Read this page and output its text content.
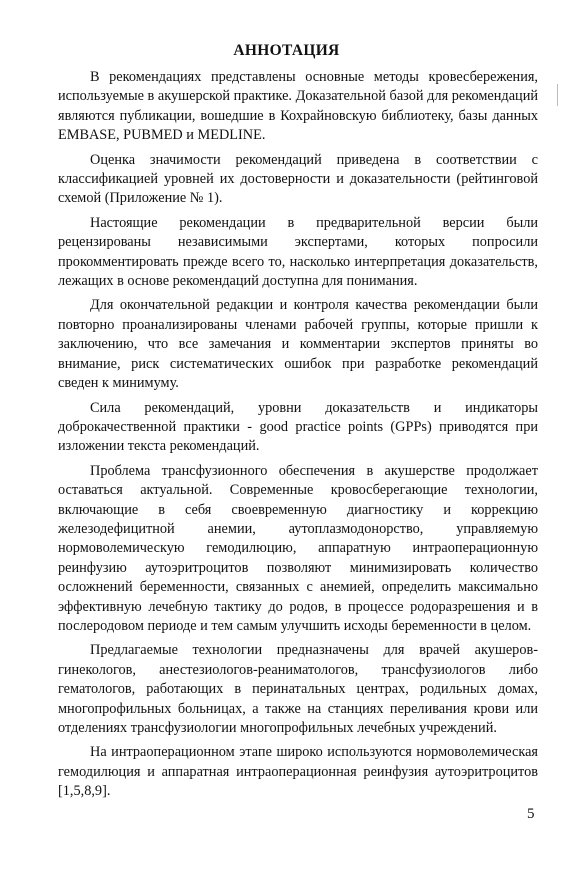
АННОТАЦИЯ

В рекомендациях представлены основные методы кровесбережения, используемые в акушерской практике. Доказательной базой для рекомендаций являются публикации, вошедшие в Кохрайновскую библиотеку, базы данных EMBASE, PUBMED и MEDLINE.

Оценка значимости рекомендаций приведена в соответствии с классификацией уровней их достоверности и доказательности (рейтинговой схемой (Приложение № 1).

Настоящие рекомендации в предварительной версии были рецензированы независимыми экспертами, которых попросили прокомментировать прежде всего то, насколько интерпретация доказательств, лежащих в основе рекомендаций доступна для понимания.

Для окончательной редакции и контроля качества рекомендации были повторно проанализированы членами рабочей группы, которые пришли к заключению, что все замечания и комментарии экспертов приняты во внимание, риск систематических ошибок при разработке рекомендаций сведен к минимуму.

Сила рекомендаций, уровни доказательств и индикаторы доброкачественной практики - good practice points (GPPs) приводятся при изложении текста рекомендаций.

Проблема трансфузионного обеспечения в акушерстве продолжает оставаться актуальной. Современные кровосберегающие технологии, включающие в себя своевременную диагностику и коррекцию железодефицитной анемии, аутоплазмодонорство, управляемую нормоволемическую гемодилюцию, аппаратную интраоперационную реинфузию аутоэритроцитов позволяют минимизировать количество осложнений беременности, связанных с анемией, определить максимально эффективную лечебную тактику до родов, в процессе родоразрешения и в послеродовом периоде и тем самым улучшить исходы беременности в целом.

Предлагаемые технологии предназначены для врачей акушеров-гинекологов, анестезиологов-реаниматологов, трансфузиологов либо гематологов, работающих в перинатальных центрах, родильных домах, многопрофильных больницах, а также на станциях переливания крови или отделениях трансфузиологии многопрофильных лечебных учреждений.

На интраоперационном этапе широко используются нормоволемическая гемодилюция и аппаратная интраоперационная реинфузия аутоэритроцитов [1,5,8,9].

5
